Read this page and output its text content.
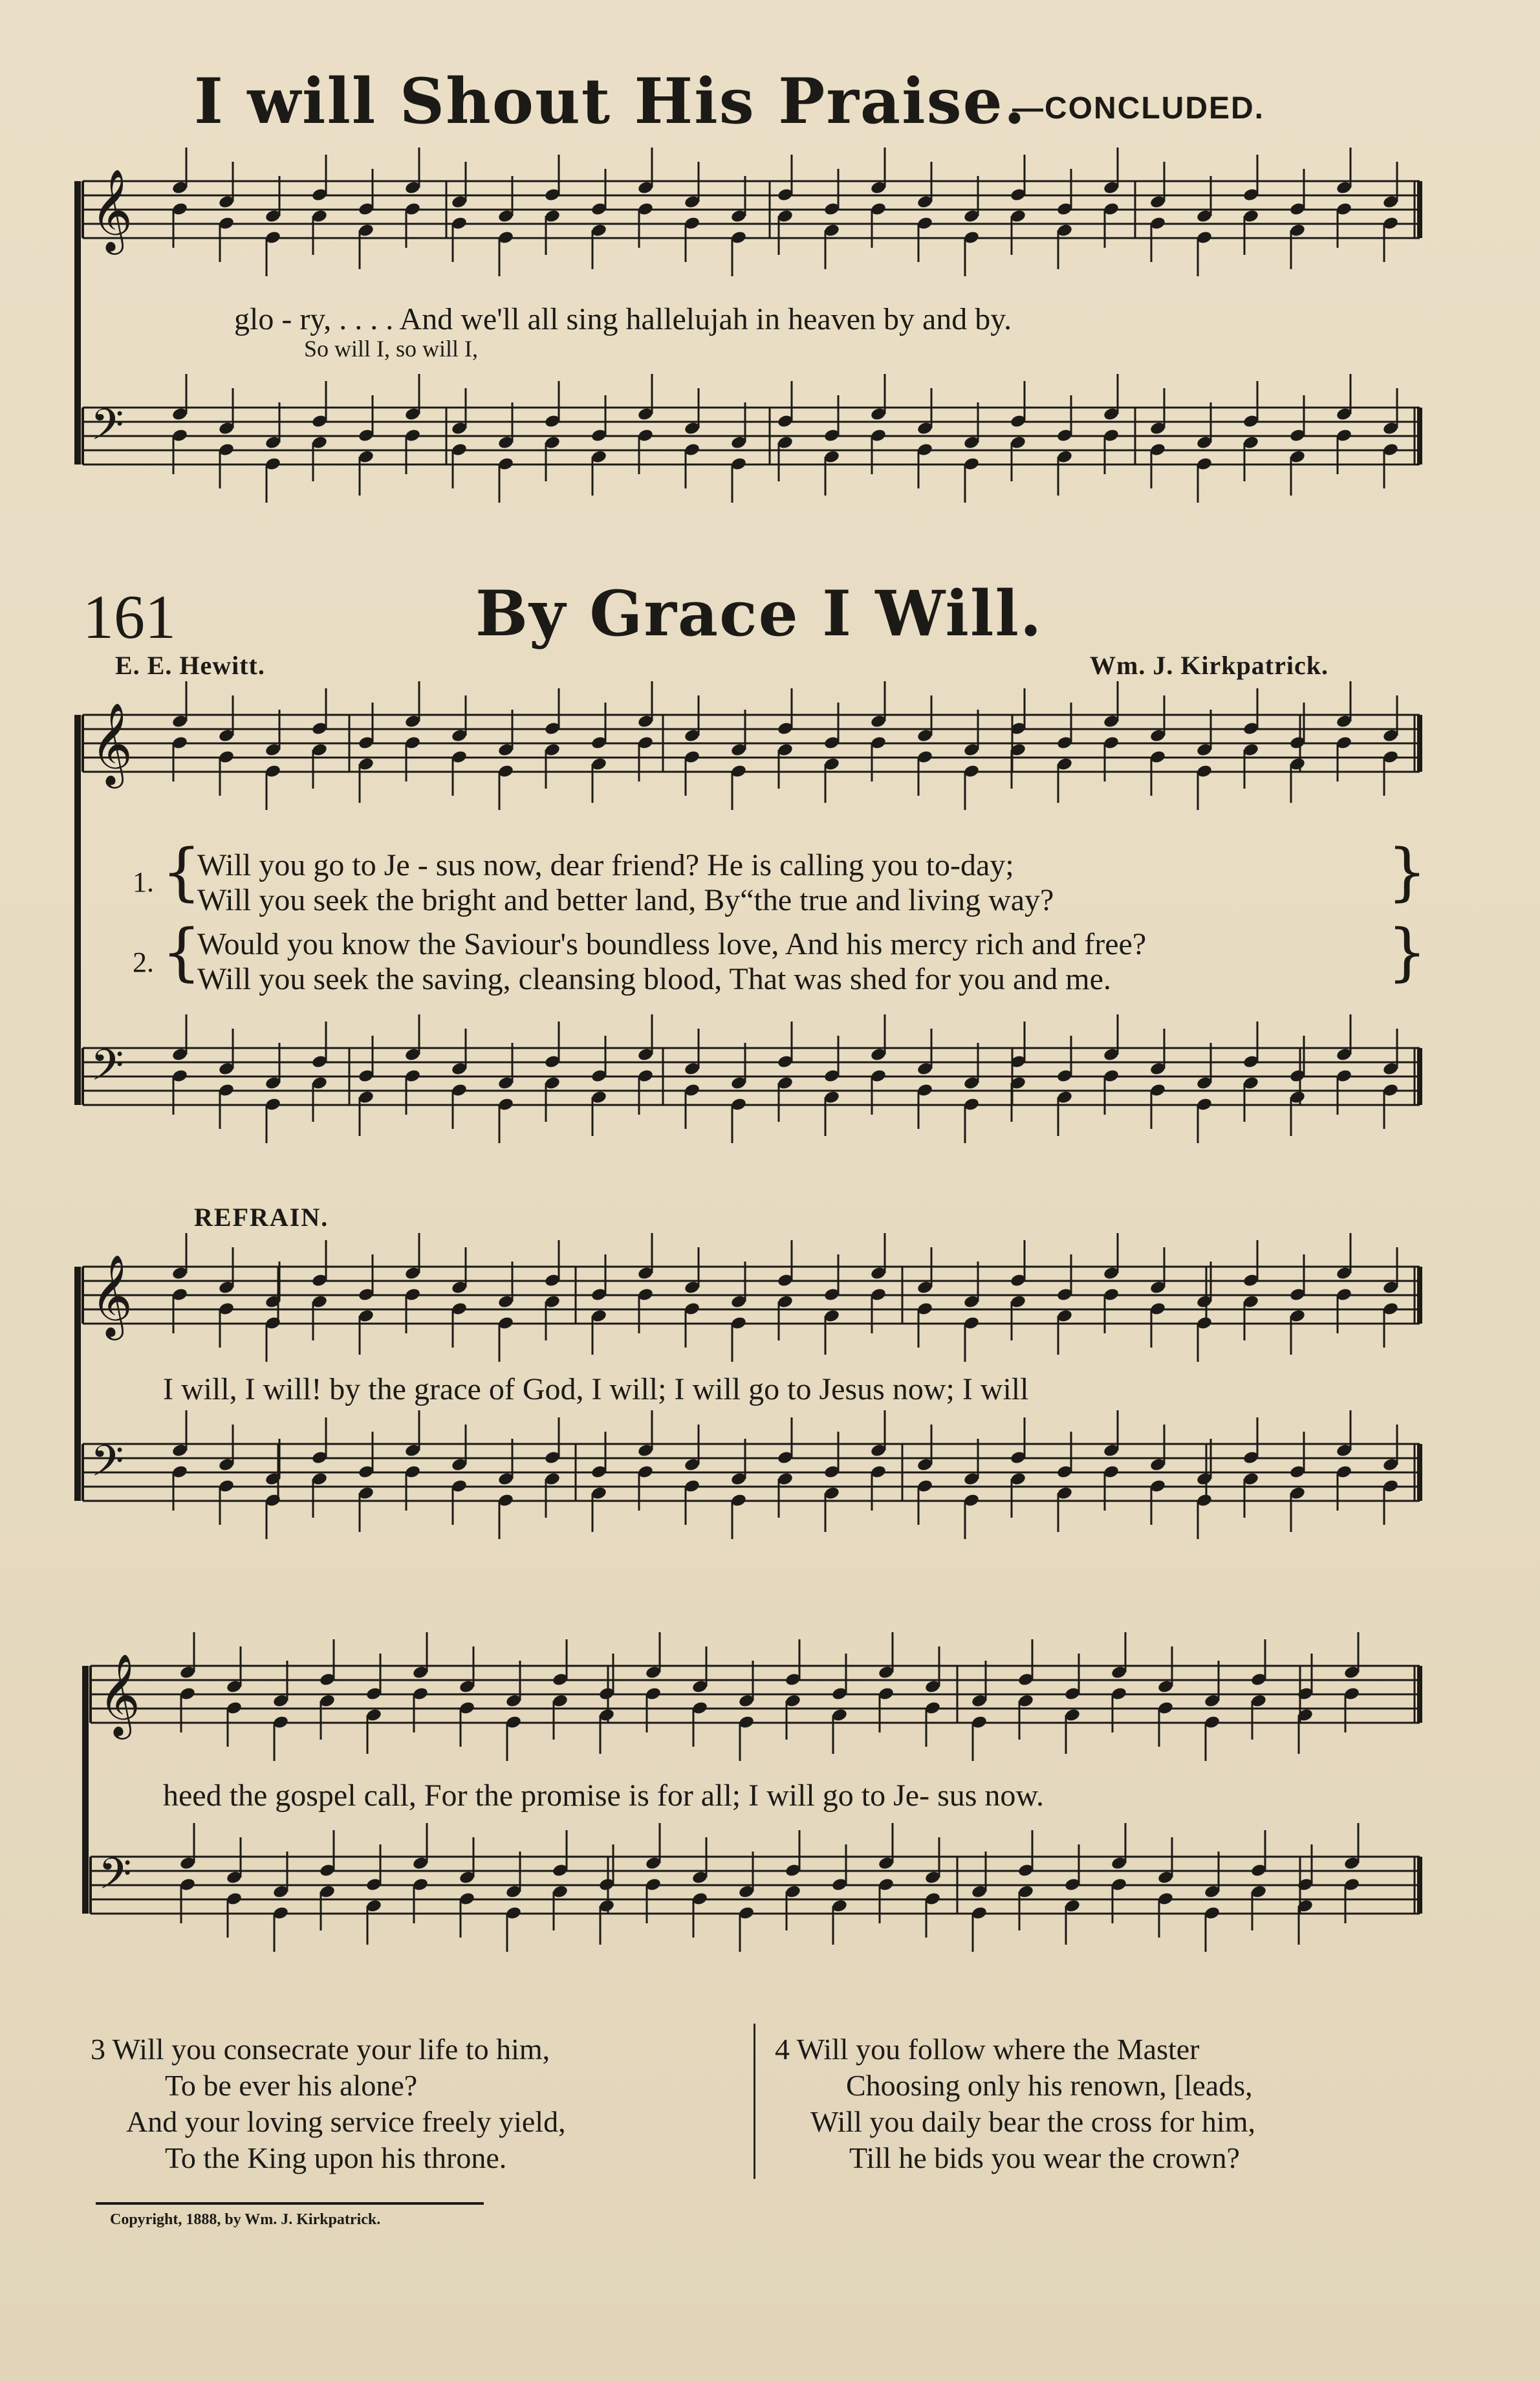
I will Shout His Praise.
—CONCLUDED.
𝄞
𝄢
𝄞
𝄢
𝄞
𝄢
𝄞
𝄢
glo - ry, . . . . And we'll all sing hallelujah in heaven by and by.
So will I, so will I,
161	By Grace I Will.
E. E. Hewitt.	Wm. J. Kirkpatrick.
1. {
Will you go to Je - sus now, dear friend? He is calling you to-day;
Will you seek the bright and better land, By“the true and living way?	}
2. {
Would you know the Saviour's boundless love, And his mercy rich and free?
Will you seek the saving, cleansing blood, That was shed for you and me.	}
REFRAIN.
I will, I will! by the grace of God, I will; I will go to Jesus now; I will
heed the gospel call, For the promise is for all; I will go to Je- sus now.
3 Will you consecrate your life to him,
To be ever his alone?
And your loving service freely yield,
To the King upon his throne.
4 Will you follow where the Master
Choosing only his renown, [leads,
Will you daily bear the cross for him,
Till he bids you wear the crown?
Copyright, 1888, by Wm. J. Kirkpatrick.
